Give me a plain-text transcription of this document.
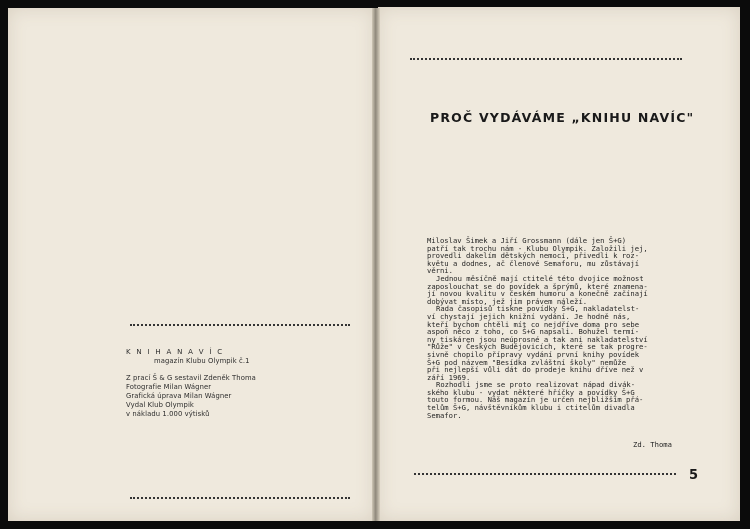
K N I H A N A V Í C
magazín Klubu Olympik č.1
Z prací Š & G sestavil Zdeněk Thoma
Fotografie Milan Wágner
Grafická úprava Milan Wágner
Vydal Klub Olympik
v nákladu 1.000 výtisků
PROČ VYDÁVÁME „KNIHU NAVÍC"
Miloslav Šimek a Jiří Grossmann (dále jen Š+G)
patří tak trochu nám - Klubu Olympik. Založili jej,
provedli dakelím dětských nemocí, přivedli k roz-
květu a dodnes, ač členové Semaforu, mu zůstávají
věrni.
Jednou měsíčně mají ctitelé této dvojice možnost
zaposlouchat se do povídek a šprýmů, které znamena-
jí novou kvalitu v českém humoru a konečně začínají
dobývat místo, jež jim právem náleží.
Řada časopisů tiskne povídky Š+G, nakladatelst-
ví chystají jejich knižní vydání. Je hodně nás,
kteří bychom chtěli mít co nejdříve doma pro sebe
aspoň něco z toho, co Š+G napsali. Bohužel termí-
ny tiskáren jsou neúprosné a tak ani nakladatelství
"Růže" v Českých Budějovicích, které se tak progre-
sivně chopilo přípravy vydání první knihy povídek
Š+G pod názvem "Besídka zvláštní školy" nemůže
při nejlepší vůli dát do prodeje knihu dříve než v
září 1969.
Rozhodli jsme se proto realizovat nápad divák-
ského klubu - vydat některé hříčky a povídky Š+G
touto formou. Náš magazín je určen nejbližším přá-
telům Š+G, návštěvníkům klubu i ctitelům divadla
Semafor.
Zd. Thoma
5
